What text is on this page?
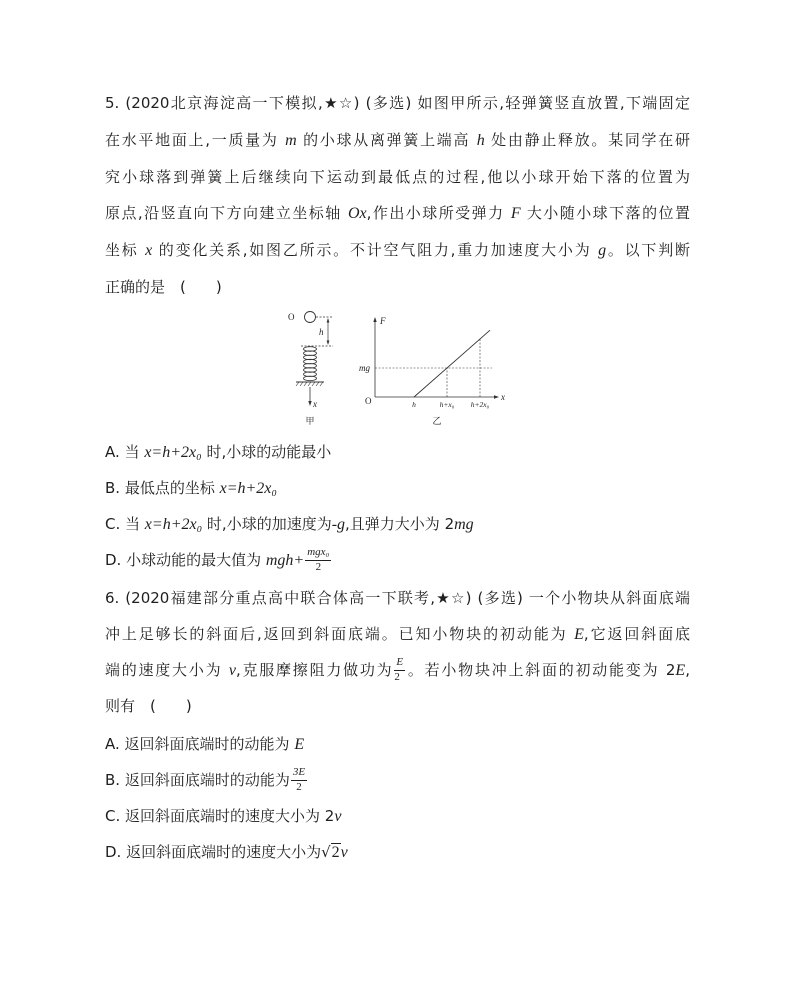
5. (2020北京海淀高一下模拟,★☆) (多选) 如图甲所示,轻弹簧竖直放置,下端固定
在水平地面上,一质量为 m 的小球从离弹簧上端高 h 处由静止释放。某同学在研
究小球落到弹簧上后继续向下运动到最低点的过程,他以小球开始下落的位置为
原点,沿竖直向下方向建立坐标轴 Ox,作出小球所受弹力 F 大小随小球下落的位置
坐标 x 的变化关系,如图乙所示。不计空气阻力,重力加速度大小为 g。以下判断
正确的是　(　　)
O
h
x
甲
F
x
O
mg
h	h+x₀ h+2x₀
乙
A. 当 x=h+2x₀ 时,小球的动能最小
B. 最低点的坐标 x=h+2x₀
C. 当 x=h+2x₀ 时,小球的加速度为-g,且弹力大小为 2mg
D. 小球动能的最大值为 $mgh+ \frac{\text{mgx₀}}{2}$
6. (2020福建部分重点高中联合体高一下联考,★☆) (多选) 一个小物块从斜面底端
冲上足够长的斜面后,返回到斜面底端。已知小物块的初动能为 E,它返回斜面底
端的速度大小为 v,克服摩擦阻力做功为 $\frac{E}{2}$ 。若小物块冲上斜面的初动能变为 2E,
则有　(　　)
A. 返回斜面底端时的动能为 E
B. 返回斜面底端时的动能为 $\frac{3E}{2}$
C. 返回斜面底端时的速度大小为 2v
D. 返回斜面底端时的速度大小为√2v
